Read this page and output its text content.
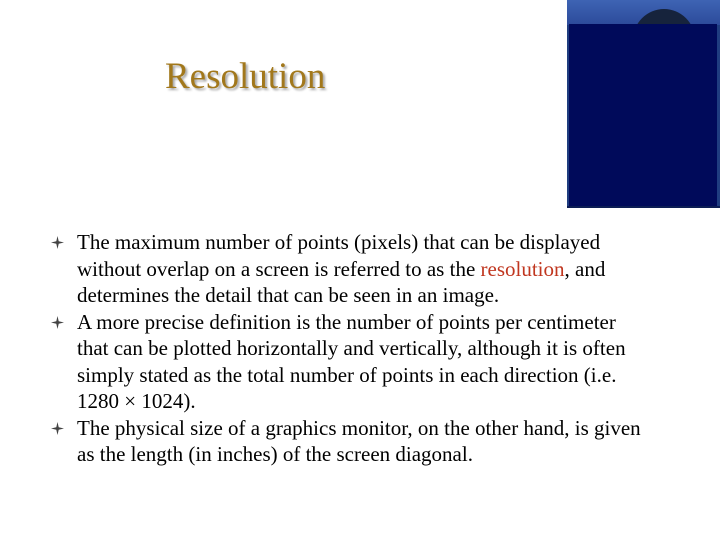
Resolution
The maximum number of points (pixels) that can be displayed without overlap on a screen is referred to as the resolution, and determines the detail that can be seen in an image.
A more precise definition is the number of points per centimeter that can be plotted horizontally and vertically, although it is often simply stated as the total number of points in each direction (i.e. 1280 × 1024).
The physical size of a graphics monitor, on the other hand, is given as the length (in inches) of the screen diagonal.
